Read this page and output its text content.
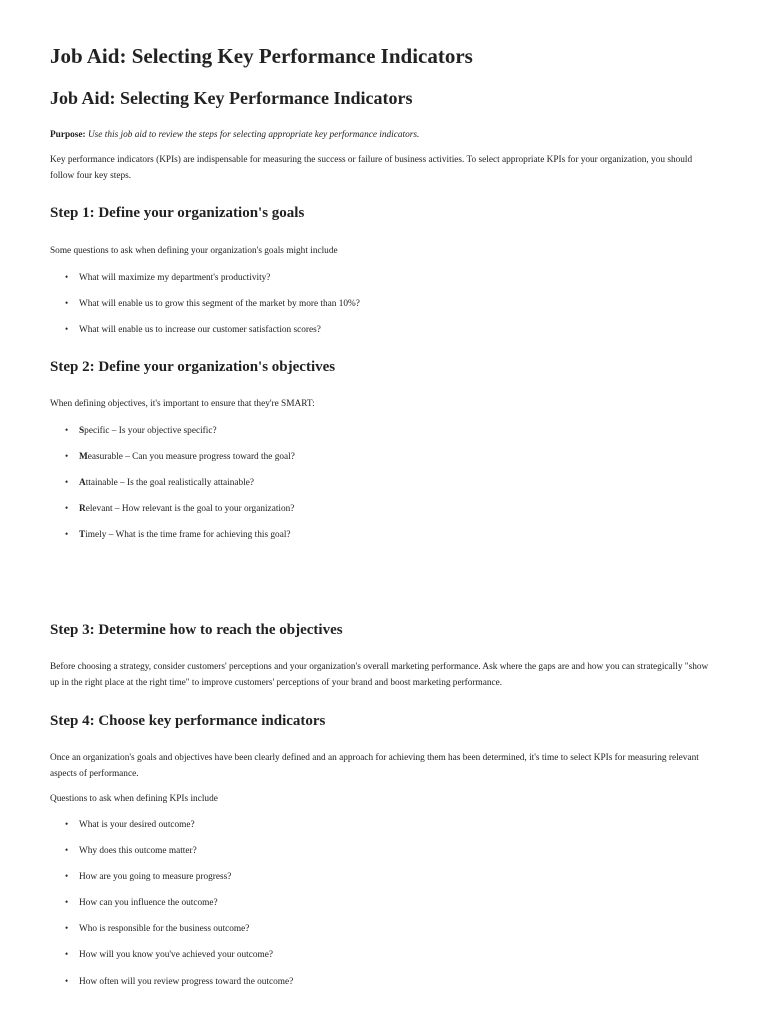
Job Aid: Selecting Key Performance Indicators
Job Aid: Selecting Key Performance Indicators

Purpose: Use this job aid to review the steps for selecting appropriate key performance indicators.

Key performance indicators (KPIs) are indispensable for measuring the success or failure of business activities. To select appropriate KPIs for your organization, you should follow four key steps.

Step 1: Define your organization's goals

Some questions to ask when defining your organization's goals might include

• What will maximize my department's productivity?

• What will enable us to grow this segment of the market by more than 10%?

• What will enable us to increase our customer satisfaction scores?

Step 2: Define your organization's objectives

When defining objectives, it's important to ensure that they're SMART:

• Specific – Is your objective specific?

• Measurable – Can you measure progress toward the goal?

• Attainable – Is the goal realistically attainable?

• Relevant – How relevant is the goal to your organization?

• Timely – What is the time frame for achieving this goal?

Step 3: Determine how to reach the objectives

Before choosing a strategy, consider customers' perceptions and your organization's overall marketing performance. Ask where the gaps are and how you can strategically "show up in the right place at the right time" to improve customers' perceptions of your brand and boost marketing performance.

Step 4: Choose key performance indicators

Once an organization's goals and objectives have been clearly defined and an approach for achieving them has been determined, it's time to select KPIs for measuring relevant aspects of performance.

Questions to ask when defining KPIs include

• What is your desired outcome?

• Why does this outcome matter?

• How are you going to measure progress?

• How can you influence the outcome?

• Who is responsible for the business outcome?

• How will you know you've achieved your outcome?

• How often will you review progress toward the outcome?
